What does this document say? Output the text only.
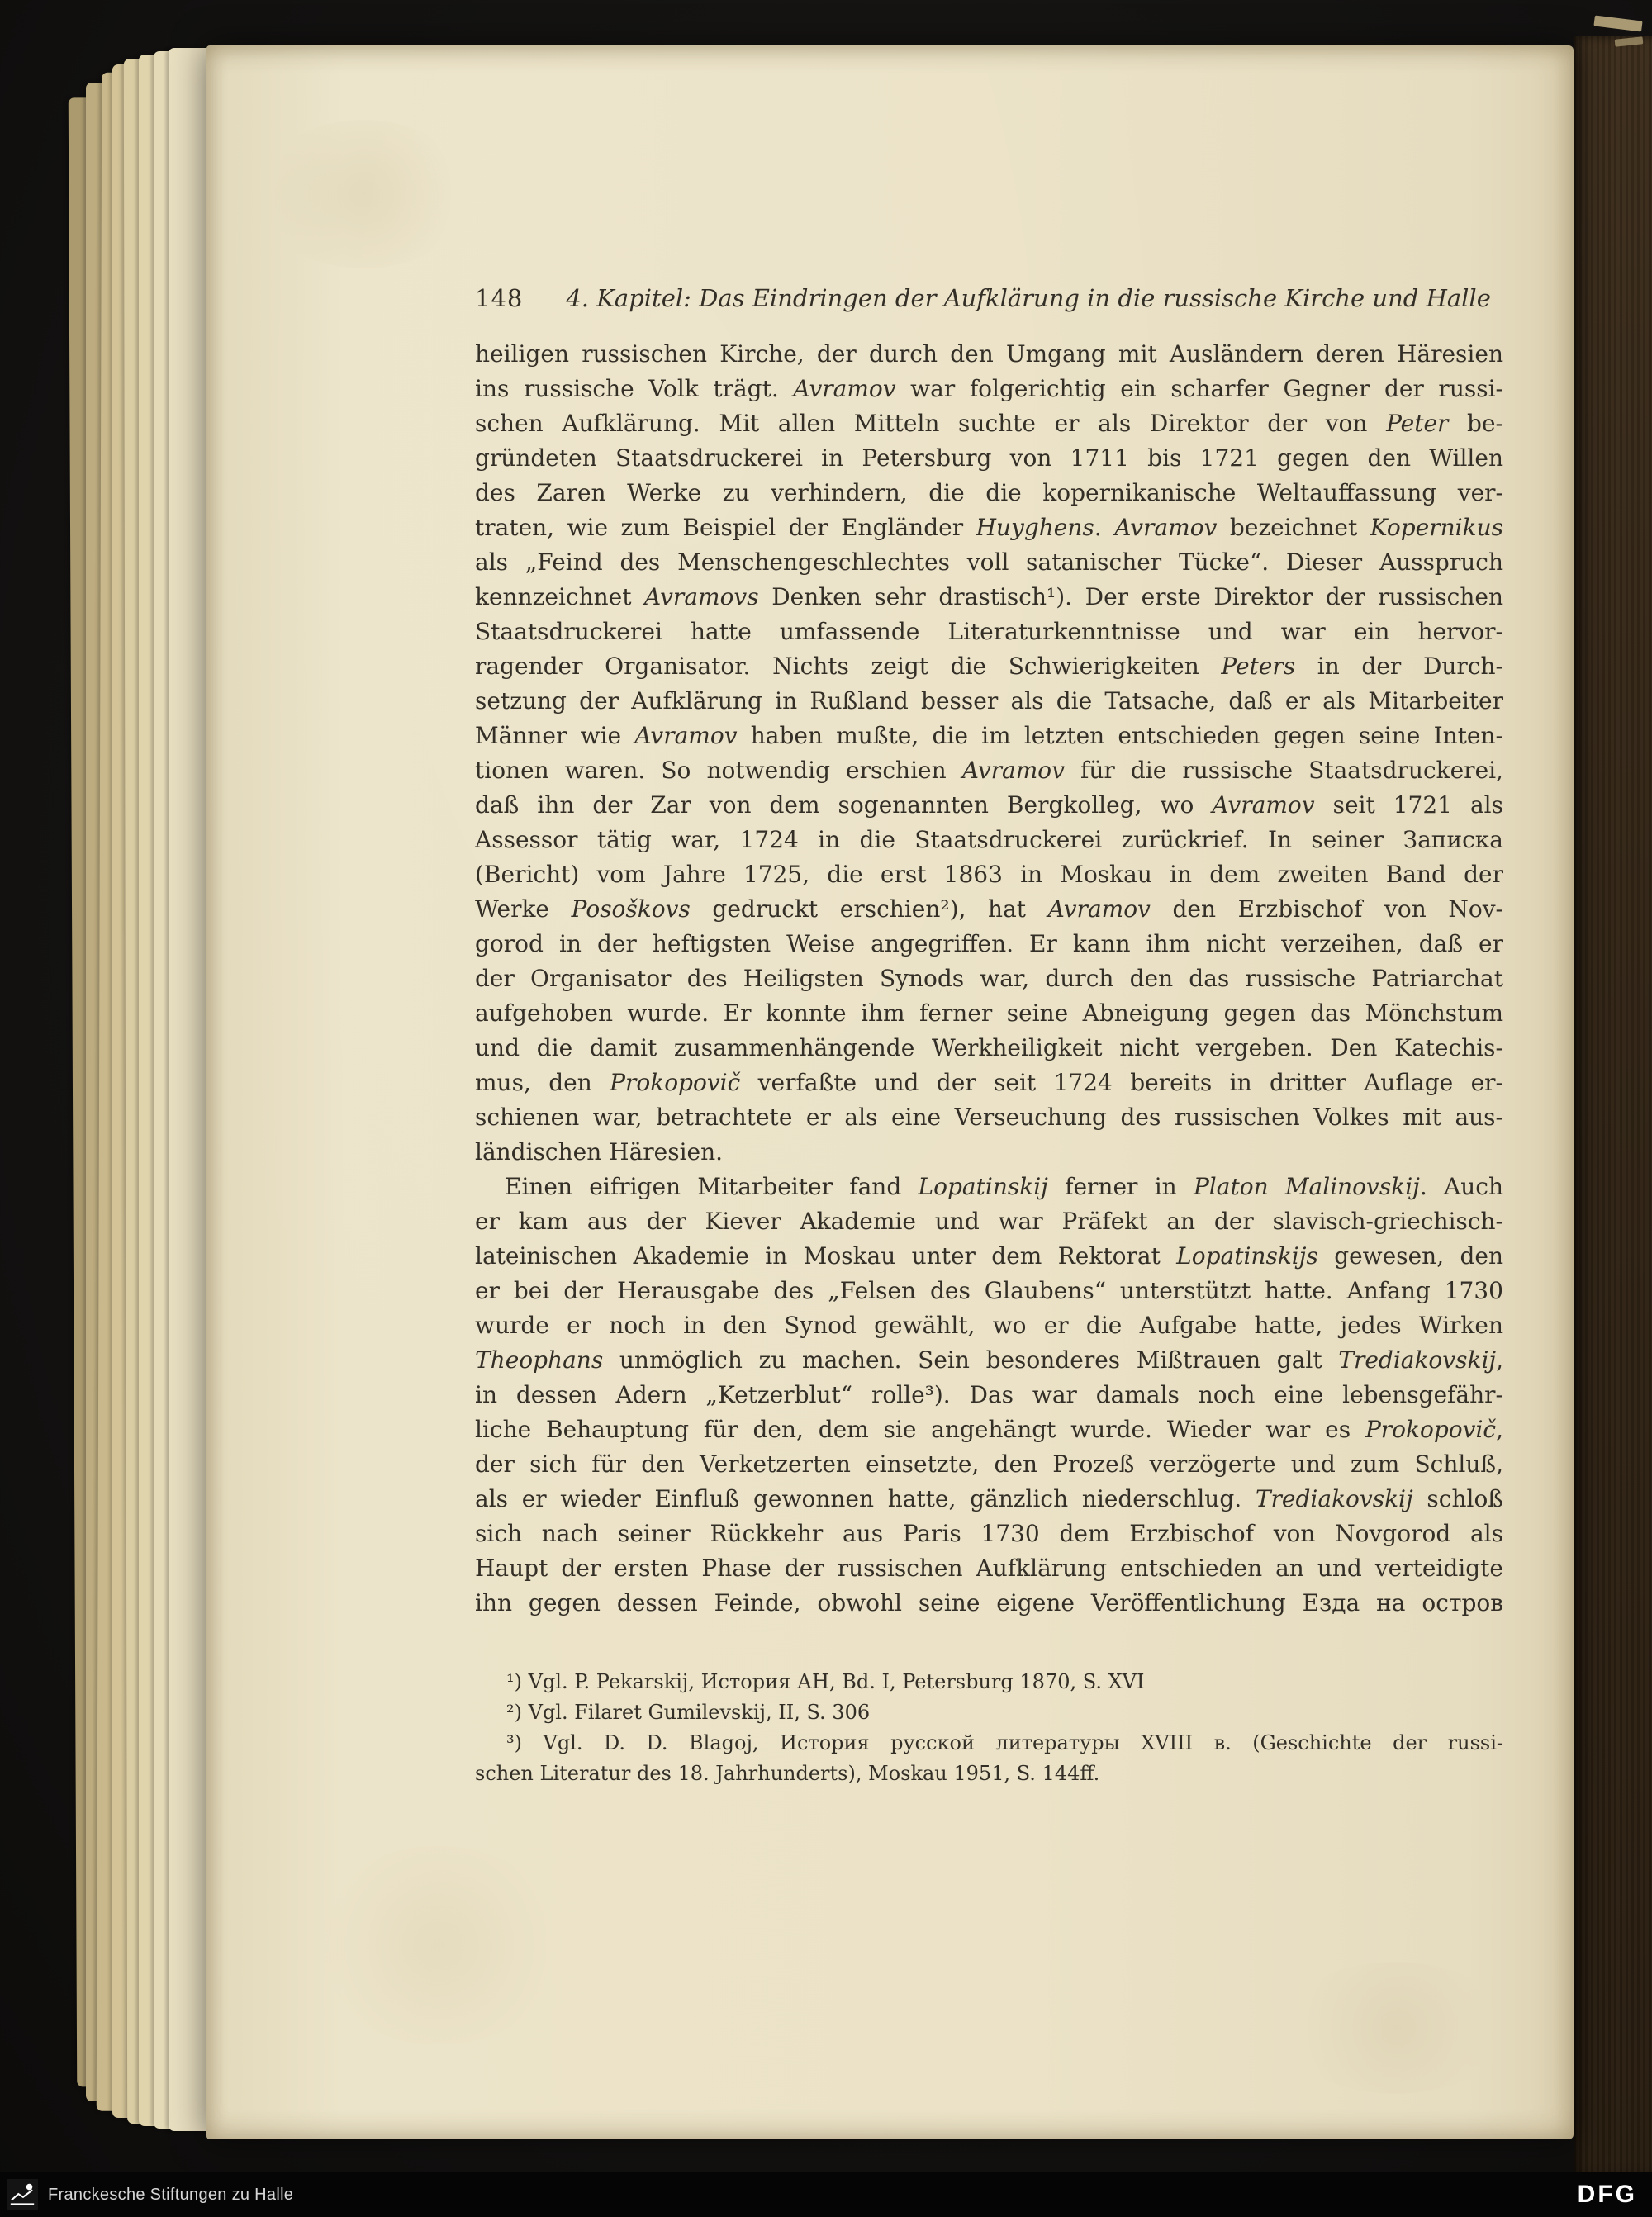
148 4. Kapitel: Das Eindringen der Aufklärung in die russische Kirche und Halle
heiligen russischen Kirche, der durch den Umgang mit Ausländern deren Häresien
ins russische Volk trägt. Avramov war folgerichtig ein scharfer Gegner der russi-
schen Aufklärung. Mit allen Mitteln suchte er als Direktor der von Peter be-
gründeten Staatsdruckerei in Petersburg von 1711 bis 1721 gegen den Willen
des Zaren Werke zu verhindern, die die kopernikanische Weltauffassung ver-
traten, wie zum Beispiel der Engländer Huyghens. Avramov bezeichnet Kopernikus
als „Feind des Menschengeschlechtes voll satanischer Tücke“. Dieser Ausspruch
kennzeichnet Avramovs Denken sehr drastisch¹). Der erste Direktor der russischen
Staatsdruckerei hatte umfassende Literaturkenntnisse und war ein hervor-
ragender Organisator. Nichts zeigt die Schwierigkeiten Peters in der Durch-
setzung der Aufklärung in Rußland besser als die Tatsache, daß er als Mitarbeiter
Männer wie Avramov haben mußte, die im letzten entschieden gegen seine Inten-
tionen waren. So notwendig erschien Avramov für die russische Staatsdruckerei,
daß ihn der Zar von dem sogenannten Bergkolleg, wo Avramov seit 1721 als
Assessor tätig war, 1724 in die Staatsdruckerei zurückrief. In seiner Записка
(Bericht) vom Jahre 1725, die erst 1863 in Moskau in dem zweiten Band der
Werke Posoškovs gedruckt erschien²), hat Avramov den Erzbischof von Nov-
gorod in der heftigsten Weise angegriffen. Er kann ihm nicht verzeihen, daß er
der Organisator des Heiligsten Synods war, durch den das russische Patriarchat
aufgehoben wurde. Er konnte ihm ferner seine Abneigung gegen das Mönchstum
und die damit zusammenhängende Werkheiligkeit nicht vergeben. Den Katechis-
mus, den Prokopovič verfaßte und der seit 1724 bereits in dritter Auflage er-
schienen war, betrachtete er als eine Verseuchung des russischen Volkes mit aus-
ländischen Häresien.
Einen eifrigen Mitarbeiter fand Lopatinskij ferner in Platon Malinovskij. Auch
er kam aus der Kiever Akademie und war Präfekt an der slavisch-griechisch-
lateinischen Akademie in Moskau unter dem Rektorat Lopatinskijs gewesen, den
er bei der Herausgabe des „Felsen des Glaubens“ unterstützt hatte. Anfang 1730
wurde er noch in den Synod gewählt, wo er die Aufgabe hatte, jedes Wirken
Theophans unmöglich zu machen. Sein besonderes Mißtrauen galt Trediakovskij,
in dessen Adern „Ketzerblut“ rolle³). Das war damals noch eine lebensgefähr-
liche Behauptung für den, dem sie angehängt wurde. Wieder war es Prokopovič,
der sich für den Verketzerten einsetzte, den Prozeß verzögerte und zum Schluß,
als er wieder Einfluß gewonnen hatte, gänzlich niederschlug. Trediakovskij schloß
sich nach seiner Rückkehr aus Paris 1730 dem Erzbischof von Novgorod als
Haupt der ersten Phase der russischen Aufklärung entschieden an und verteidigte
ihn gegen dessen Feinde, obwohl seine eigene Veröffentlichung Езда на остров
¹) Vgl. P. Pekarskij, История АН, Bd. I, Petersburg 1870, S. XVI
²) Vgl. Filaret Gumilevskij, II, S. 306
³) Vgl. D. D. Blagoj, История русской литературы XVIII в. (Geschichte der russi-
schen Literatur des 18. Jahrhunderts), Moskau 1951, S. 144ff.
Franckesche Stiftungen zu Halle	DFG
